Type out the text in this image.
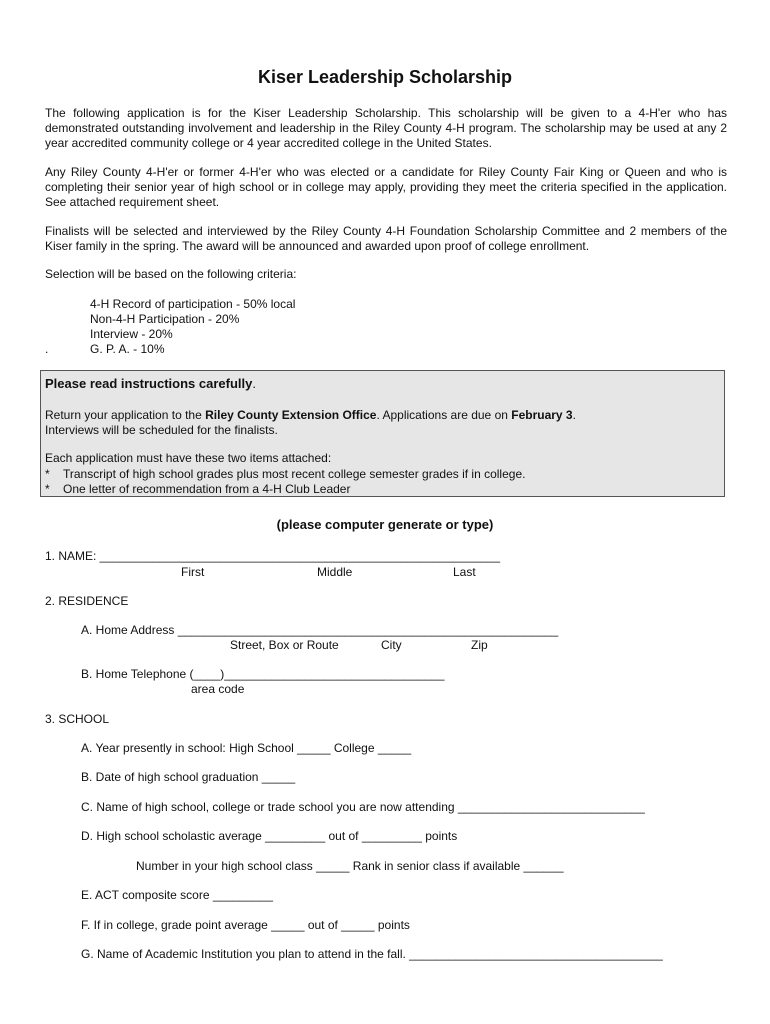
Kiser Leadership Scholarship
The following application is for the Kiser Leadership Scholarship. This scholarship will be given to a 4-H'er who has demonstrated outstanding involvement and leadership in the Riley County 4-H program. The scholarship may be used at any 2 year accredited community college or 4 year accredited college in the United States.
Any Riley County 4-H'er or former 4-H'er who was elected or a candidate for Riley County Fair King or Queen and who is completing their senior year of high school or in college may apply, providing they meet the criteria specified in the application. See attached requirement sheet.
Finalists will be selected and interviewed by the Riley County 4-H Foundation Scholarship Committee and 2 members of the Kiser family in the spring. The award will be announced and awarded upon proof of college enrollment.
Selection will be based on the following criteria:
4-H Record of participation - 50% local
Non-4-H Participation - 20%
Interview - 20%
.	G. P. A. - 10%
Please read instructions carefully.
Return your application to the Riley County Extension Office. Applications are due on February 3.
Interviews will be scheduled for the finalists.
Each application must have these two items attached:
* Transcript of high school grades plus most recent college semester grades if in college.
* One letter of recommendation from a 4-H Club Leader
(please computer generate or type)
1. NAME: ____________________________________________________________
First	Middle	Last
2. RESIDENCE
A. Home Address _________________________________________________________
Street, Box or Route	City	Zip
B. Home Telephone (____)_________________________________
area code
3. SCHOOL
A. Year presently in school: High School _____ College _____
B. Date of high school graduation _____
C. Name of high school, college or trade school you are now attending ____________________________
D. High school scholastic average _________ out of _________ points
Number in your high school class _____ Rank in senior class if available ______
E. ACT composite score _________
F. If in college, grade point average _____ out of _____ points
G. Name of Academic Institution you plan to attend in the fall. ______________________________________
